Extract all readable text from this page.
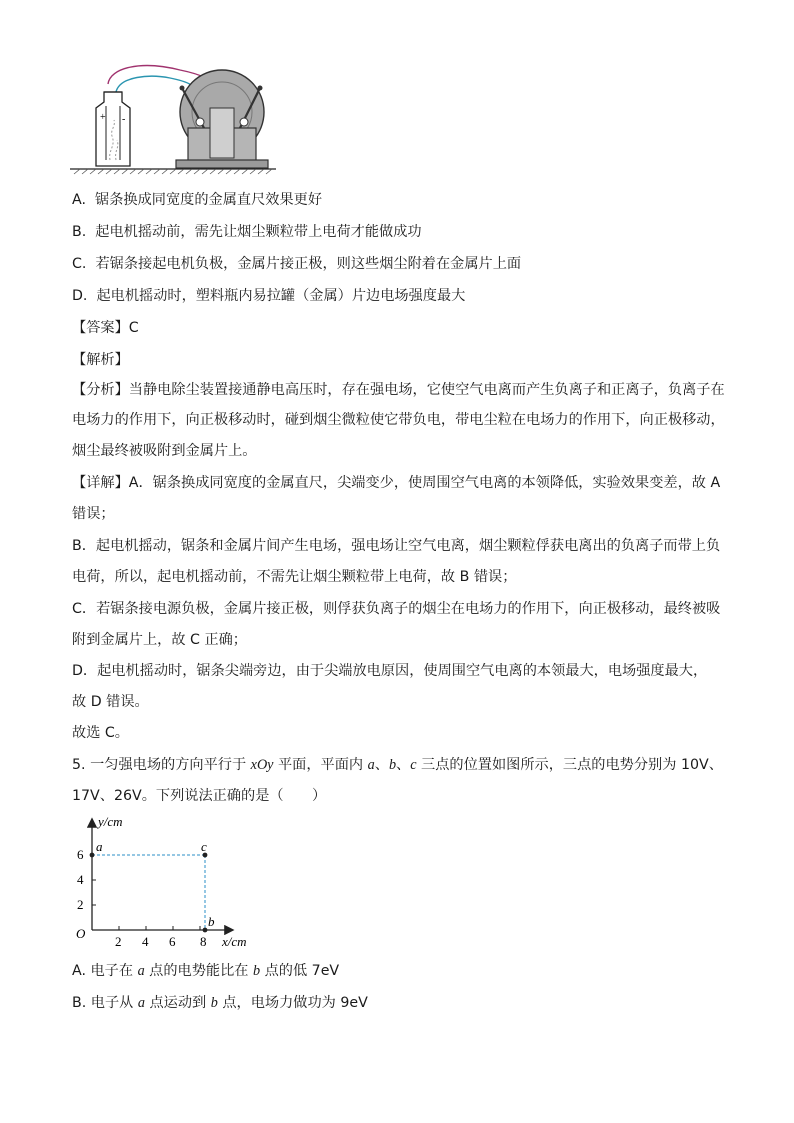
+ -
A. 锯条换成同宽度的金属直尺效果更好
B. 起电机摇动前，需先让烟尘颗粒带上电荷才能做成功
C. 若锯条接起电机负极，金属片接正极，则这些烟尘附着在金属片上面
D. 起电机摇动时，塑料瓶内易拉罐（金属）片边电场强度最大
【答案】C
【解析】
【分析】当静电除尘装置接通静电高压时，存在强电场，它使空气电离而产生负离子和正离子，负离子在
电场力的作用下，向正极移动时，碰到烟尘微粒使它带负电，带电尘粒在电场力的作用下，向正极移动，
烟尘最终被吸附到金属片上。
【详解】A．锯条换成同宽度的金属直尺，尖端变少，使周围空气电离的本领降低，实验效果变差，故 A
错误；
B．起电机摇动，锯条和金属片间产生电场，强电场让空气电离，烟尘颗粒俘获电离出的负离子而带上负
电荷，所以，起电机摇动前，不需先让烟尘颗粒带上电荷，故 B 错误；
C．若锯条接电源负极，金属片接正极，则俘获负离子的烟尘在电场力的作用下，向正极移动，最终被吸
附到金属片上，故 C 正确；
D．起电机摇动时，锯条尖端旁边，由于尖端放电原因，使周围空气电离的本领最大，电场强度最大，
故 D 错误。
故选 C。
5. 一匀强电场的方向平行于 xOy 平面，平面内 a、b、c 三点的位置如图所示，三点的电势分别为 10V、
17V、26V。下列说法正确的是（　　）
2 4 6 8
2
4
6
O
y/cm
x/cm
a	c
b
A. 电子在 a 点的电势能比在 b 点的低 7eV
B. 电子从 a 点运动到 b 点，电场力做功为 9eV
